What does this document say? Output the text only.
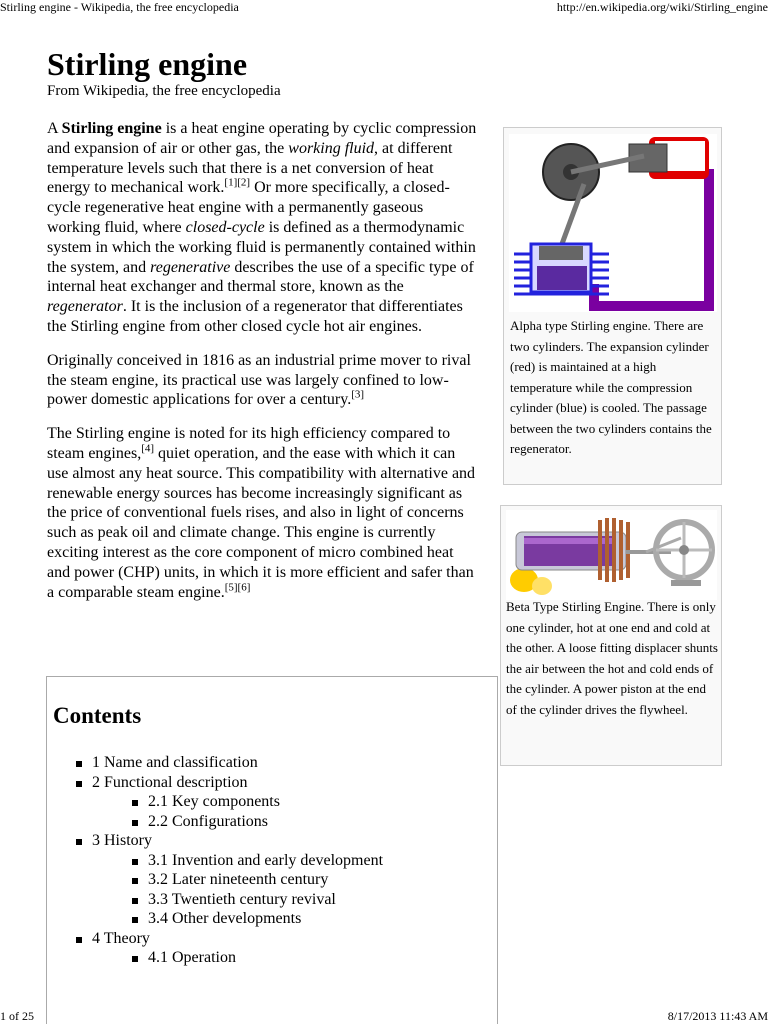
Stirling engine - Wikipedia, the free encyclopedia	http://en.wikipedia.org/wiki/Stirling_engine
Stirling engine
From Wikipedia, the free encyclopedia

A Stirling engine is a heat engine operating by cyclic compression and expansion of air or other gas, the working fluid, at different temperature levels such that there is a net conversion of heat energy to mechanical work.[1][2] Or more specifically, a closed-cycle regenerative heat engine with a permanently gaseous working fluid, where closed-cycle is defined as a thermodynamic system in which the working fluid is permanently contained within the system, and regenerative describes the use of a specific type of internal heat exchanger and thermal store, known as the regenerator. It is the inclusion of a regenerator that differentiates the Stirling engine from other closed cycle hot air engines.

Originally conceived in 1816 as an industrial prime mover to rival the steam engine, its practical use was largely confined to low-power domestic applications for over a century.[3]

The Stirling engine is noted for its high efficiency compared to steam engines,[4] quiet operation, and the ease with which it can use almost any heat source. This compatibility with alternative and renewable energy sources has become increasingly significant as the price of conventional fuels rises, and also in light of concerns such as peak oil and climate change. This engine is currently exciting interest as the core component of micro combined heat and power (CHP) units, in which it is more efficient and safer than a comparable steam engine.[5][6]

Alpha type Stirling engine. There are two cylinders. The expansion cylinder (red) is maintained at a high temperature while the compression cylinder (blue) is cooled. The passage between the two cylinders contains the regenerator.
Beta Type Stirling Engine. There is only one cylinder, hot at one end and cold at the other. A loose fitting displacer shunts the air between the hot and cold ends of the cylinder. A power piston at the end of the cylinder drives the flywheel.
Contents
1 Name and classification
2 Functional description
2.1 Key components
2.2 Configurations
3 History
3.1 Invention and early development
3.2 Later nineteenth century
3.3 Twentieth century revival
3.4 Other developments
4 Theory
4.1 Operation
1 of 25	8/17/2013 11:43 AM
